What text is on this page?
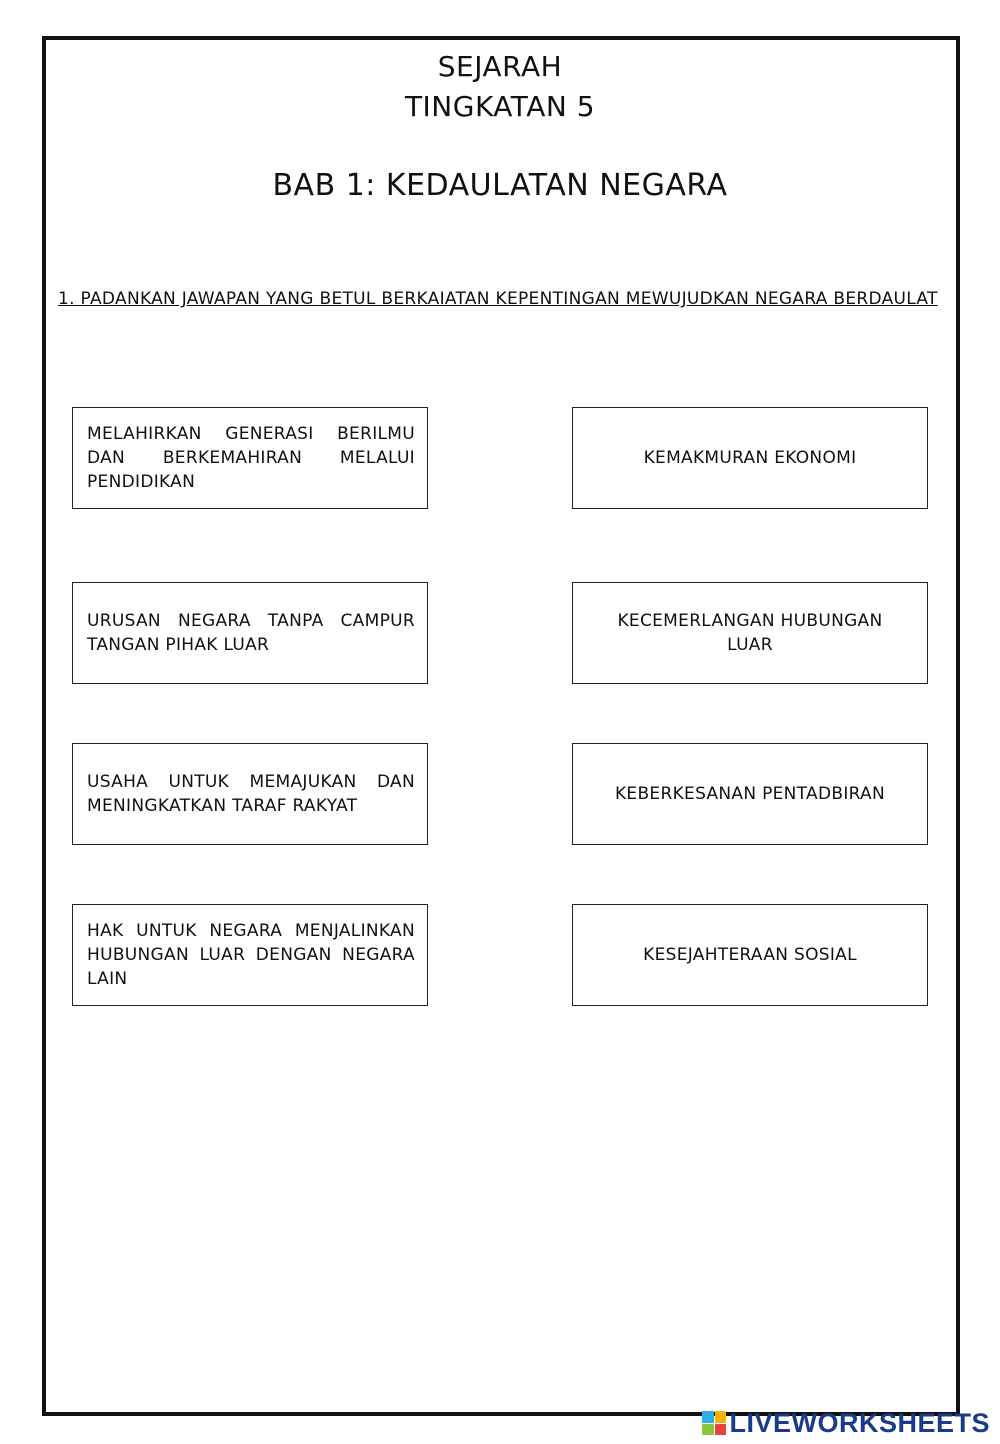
SEJARAH
TINGKATAN 5
BAB 1: KEDAULATAN NEGARA
1. PADANKAN JAWAPAN YANG BETUL BERKAIATAN KEPENTINGAN MEWUJUDKAN NEGARA BERDAULAT
MELAHIRKAN GENERASI BERILMU DAN BERKEMAHIRAN MELALUI PENDIDIKAN
URUSAN NEGARA TANPA CAMPUR TANGAN PIHAK LUAR
USAHA UNTUK MEMAJUKAN DAN MENINGKATKAN TARAF RAKYAT
HAK UNTUK NEGARA MENJALINKAN HUBUNGAN LUAR DENGAN NEGARA LAIN
KEMAKMURAN EKONOMI
KECEMERLANGAN HUBUNGAN LUAR
KEBERKESANAN PENTADBIRAN
KESEJAHTERAAN SOSIAL
LIVEWORKSHEETS
